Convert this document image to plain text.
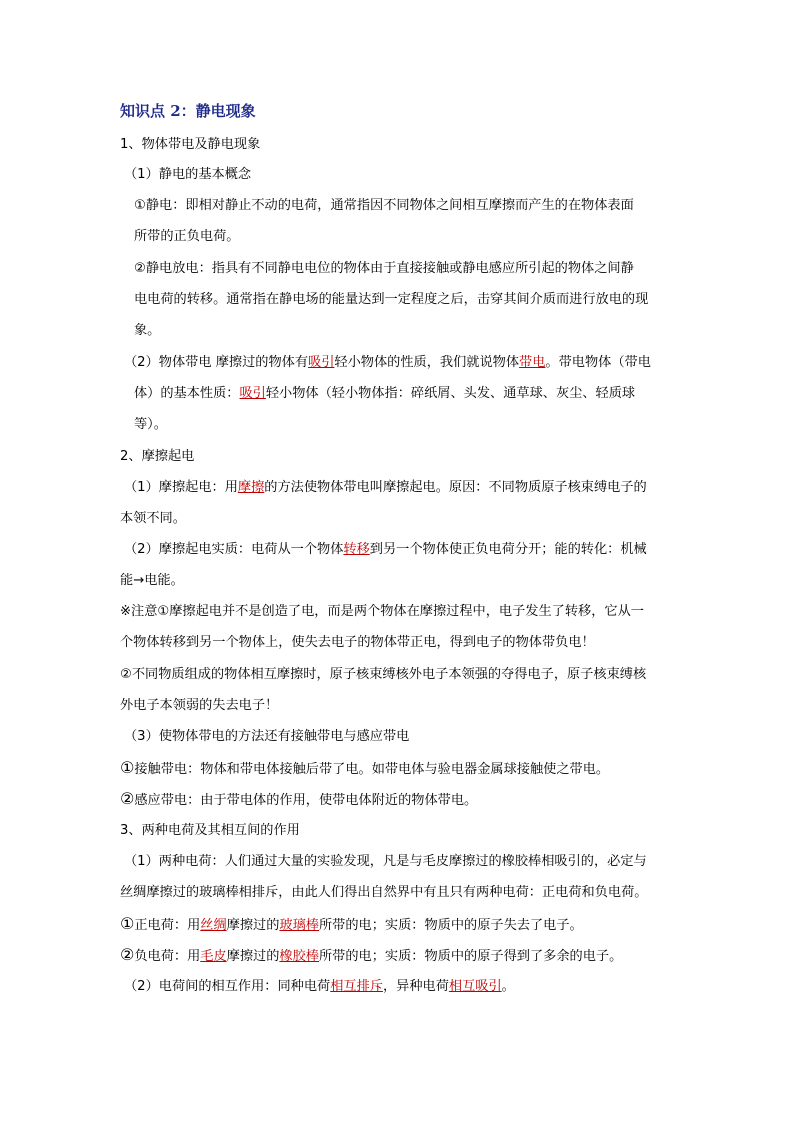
知识点 2：静电现象
1、物体带电及静电现象
（1）静电的基本概念
①静电：即相对静止不动的电荷，通常指因不同物体之间相互摩擦而产生的在物体表面
所带的正负电荷。
②静电放电：指具有不同静电电位的物体由于直接接触或静电感应所引起的物体之间静
电电荷的转移。通常指在静电场的能量达到一定程度之后，击穿其间介质而进行放电的现
象。
（2）物体带电 摩擦过的物体有吸引轻小物体的性质，我们就说物体带电。带电物体（带电
体）的基本性质：吸引轻小物体（轻小物体指：碎纸屑、头发、通草球、灰尘、轻质球
等）。
2、摩擦起电
（1）摩擦起电：用摩擦的方法使物体带电叫摩擦起电。原因：不同物质原子核束缚电子的
本领不同。
（2）摩擦起电实质：电荷从一个物体转移到另一个物体使正负电荷分开；能的转化：机械
能→电能。
※注意①摩擦起电并不是创造了电，而是两个物体在摩擦过程中，电子发生了转移，它从一
个物体转移到另一个物体上，使失去电子的物体带正电，得到电子的物体带负电！
②不同物质组成的物体相互摩擦时，原子核束缚核外电子本领强的夺得电子，原子核束缚核
外电子本领弱的失去电子！
（3）使物体带电的方法还有接触带电与感应带电
①接触带电：物体和带电体接触后带了电。如带电体与验电器金属球接触使之带电。
②感应带电：由于带电体的作用，使带电体附近的物体带电。
3、两种电荷及其相互间的作用
（1）两种电荷：人们通过大量的实验发现，凡是与毛皮摩擦过的橡胶棒相吸引的，必定与
丝绸摩擦过的玻璃棒相排斥，由此人们得出自然界中有且只有两种电荷：正电荷和负电荷。
①正电荷：用丝绸摩擦过的玻璃棒所带的电；实质：物质中的原子失去了电子。
②负电荷：用毛皮摩擦过的橡胶棒所带的电；实质：物质中的原子得到了多余的电子。
（2）电荷间的相互作用：同种电荷相互排斥，异种电荷相互吸引。
